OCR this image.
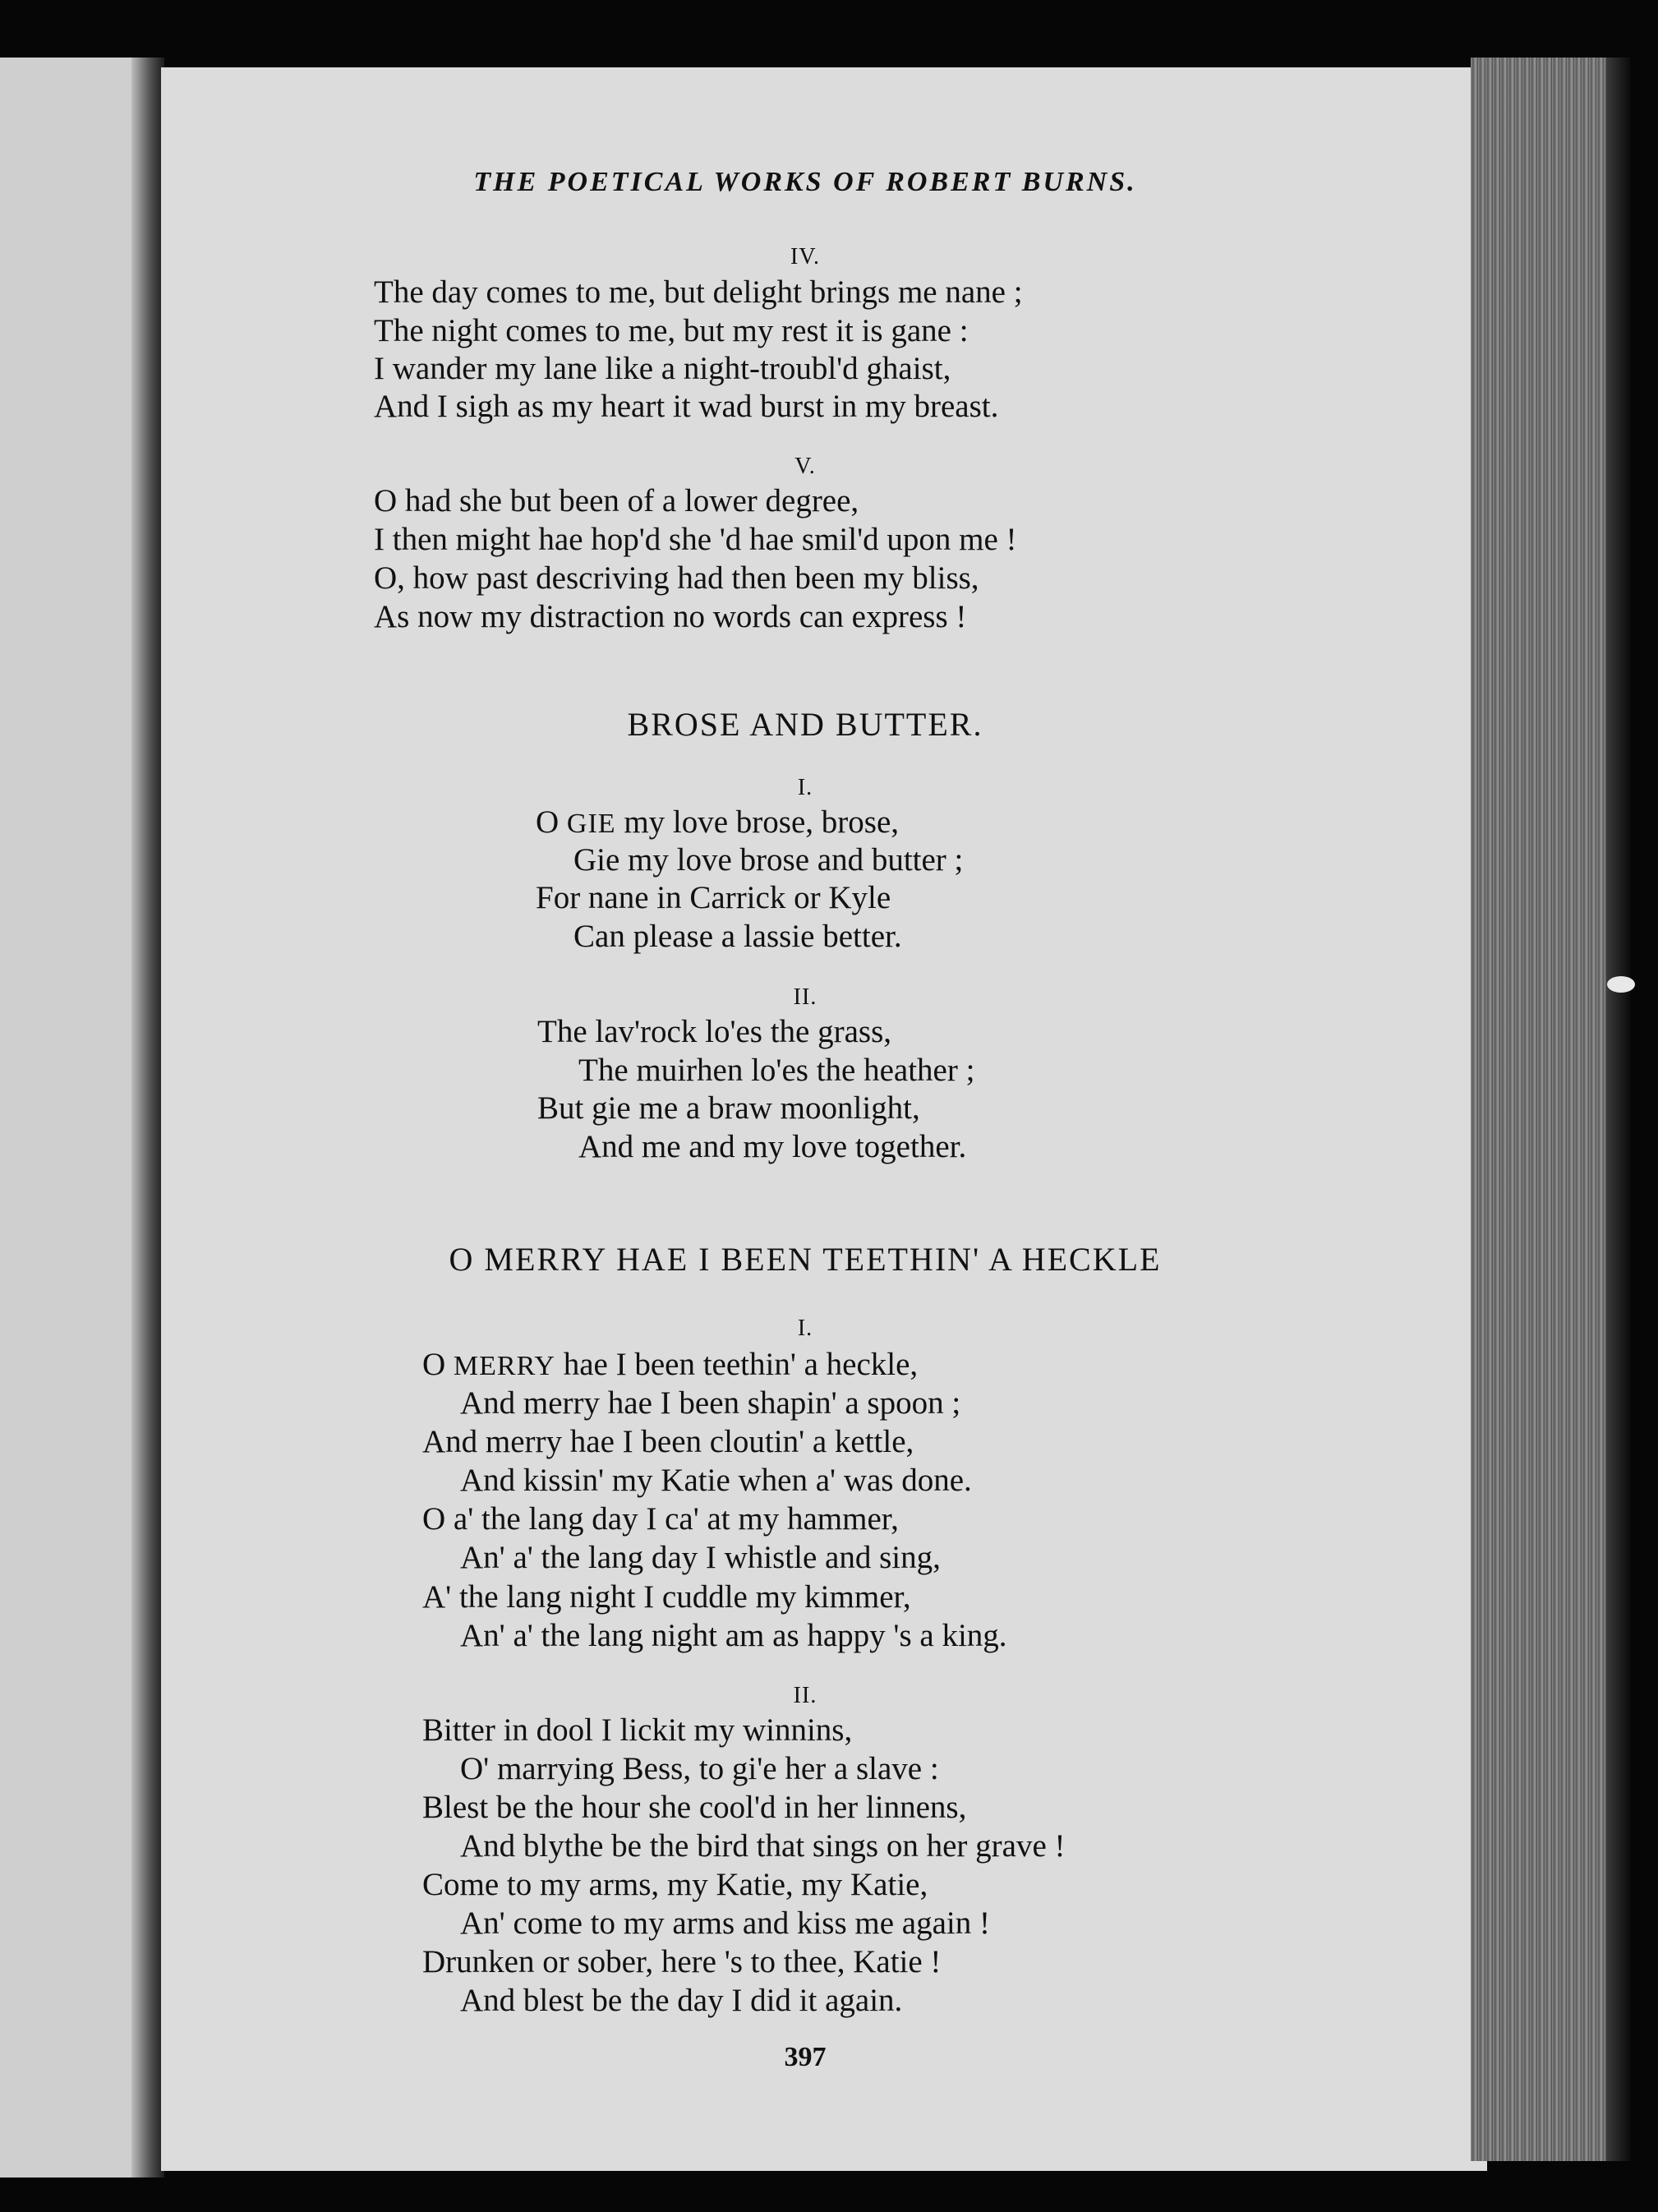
THE POETICAL WORKS OF ROBERT BURNS.
IV.
The day comes to me, but delight brings me nane ;
The night comes to me, but my rest it is gane :
I wander my lane like a night-troubl'd ghaist,
And I sigh as my heart it wad burst in my breast.
V.
O had she but been of a lower degree,
I then might hae hop'd she 'd hae smil'd upon me !
O, how past descriving had then been my bliss,
As now my distraction no words can express !
BROSE AND BUTTER.
I.
O GIE my love brose, brose,
Gie my love brose and butter ;
For nane in Carrick or Kyle
Can please a lassie better.
II.
The lav'rock lo'es the grass,
The muirhen lo'es the heather ;
But gie me a braw moonlight,
And me and my love together.
O MERRY HAE I BEEN TEETHIN' A HECKLE
I.
O MERRY hae I been teethin' a heckle,
And merry hae I been shapin' a spoon ;
And merry hae I been cloutin' a kettle,
And kissin' my Katie when a' was done.
O a' the lang day I ca' at my hammer,
An' a' the lang day I whistle and sing,
A' the lang night I cuddle my kimmer,
An' a' the lang night am as happy 's a king.
II.
Bitter in dool I lickit my winnins,
O' marrying Bess, to gi'e her a slave :
Blest be the hour she cool'd in her linnens,
And blythe be the bird that sings on her grave !
Come to my arms, my Katie, my Katie,
An' come to my arms and kiss me again !
Drunken or sober, here 's to thee, Katie !
And blest be the day I did it again.
397
